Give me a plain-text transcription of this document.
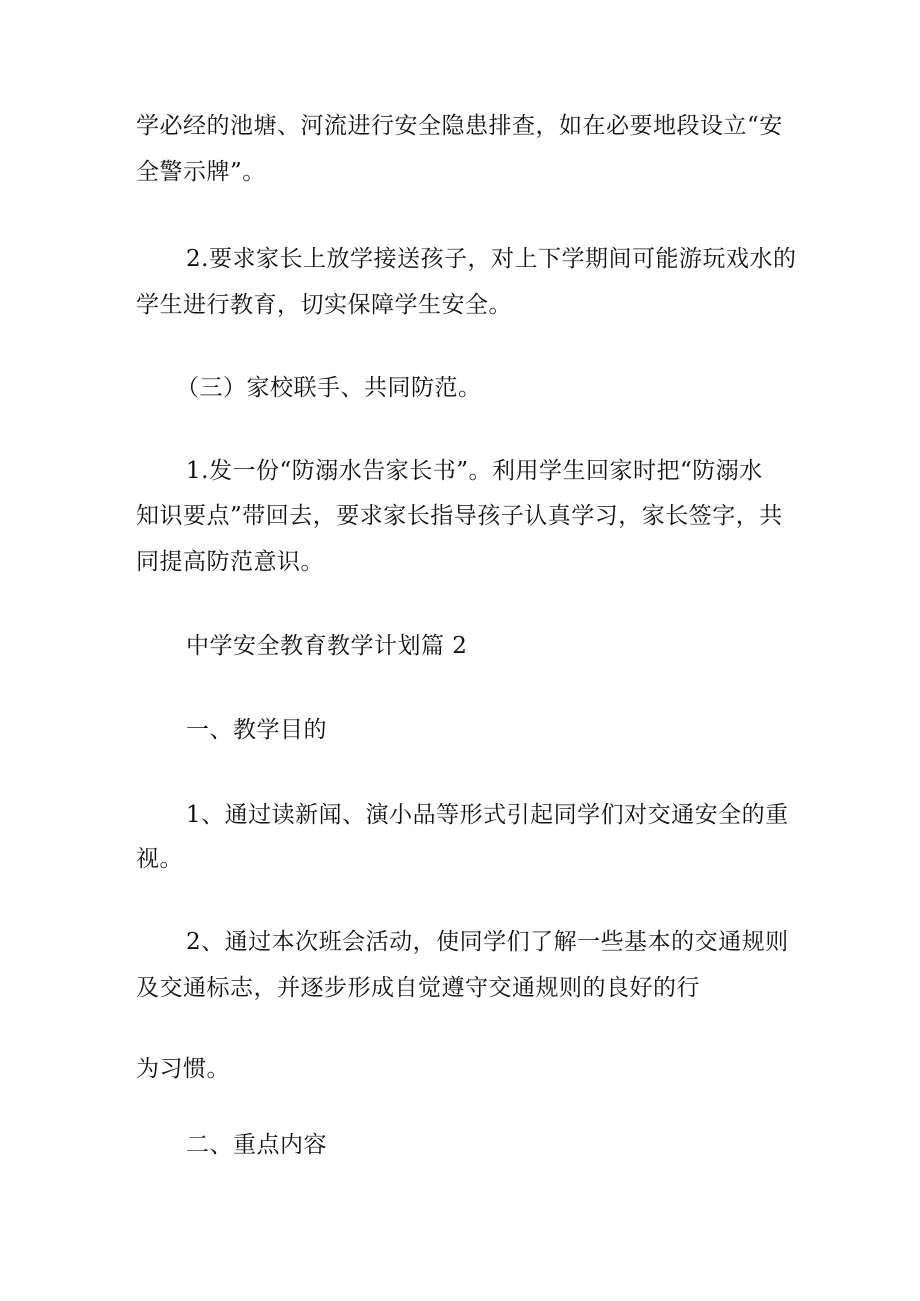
学必经的池塘、河流进行安全隐患排查，如在必要地段设立“安
全警示牌”。
2.要求家长上放学接送孩子，对上下学期间可能游玩戏水的
学生进行教育，切实保障学生安全。
（三）家校联手、共同防范。
1.发一份“防溺水告家长书”。利用学生回家时把“防溺水
知识要点”带回去，要求家长指导孩子认真学习，家长签字，共
同提高防范意识。
中学安全教育教学计划篇 2
一、教学目的
1、通过读新闻、演小品等形式引起同学们对交通安全的重
视。
2、通过本次班会活动，使同学们了解一些基本的交通规则
及交通标志，并逐步形成自觉遵守交通规则的良好的行
为习惯。
二、重点内容
